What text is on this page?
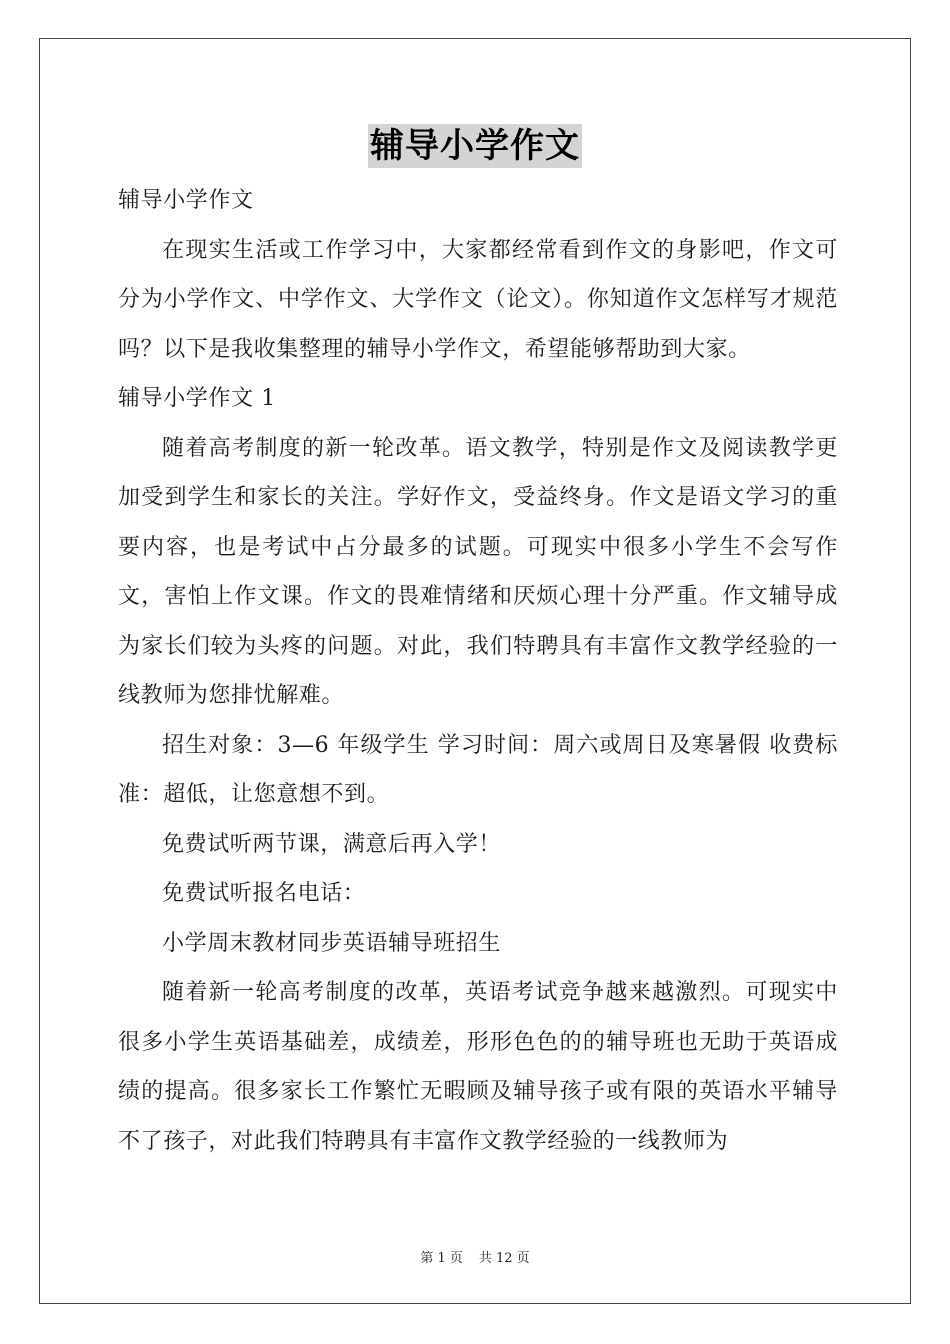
辅导小学作文

辅导小学作文

在现实生活或工作学习中，大家都经常看到作文的身影吧，作文可分为小学作文、中学作文、大学作文（论文）。你知道作文怎样写才规范吗？以下是我收集整理的辅导小学作文，希望能够帮助到大家。

辅导小学作文 1

随着高考制度的新一轮改革。语文教学，特别是作文及阅读教学更加受到学生和家长的关注。学好作文，受益终身。作文是语文学习的重要内容，也是考试中占分最多的试题。可现实中很多小学生不会写作文，害怕上作文课。作文的畏难情绪和厌烦心理十分严重。作文辅导成为家长们较为头疼的问题。对此，我们特聘具有丰富作文教学经验的一线教师为您排忧解难。

招生对象：3—6 年级学生 学习时间：周六或周日及寒暑假 收费标准：超低，让您意想不到。

免费试听两节课，满意后再入学！

免费试听报名电话：

小学周末教材同步英语辅导班招生

随着新一轮高考制度的改革，英语考试竞争越来越激烈。可现实中很多小学生英语基础差，成绩差，形形色色的的辅导班也无助于英语成绩的提高。很多家长工作繁忙无暇顾及辅导孩子或有限的英语水平辅导不了孩子，对此我们特聘具有丰富作文教学经验的一线教师为

第 1 页 共 12 页
